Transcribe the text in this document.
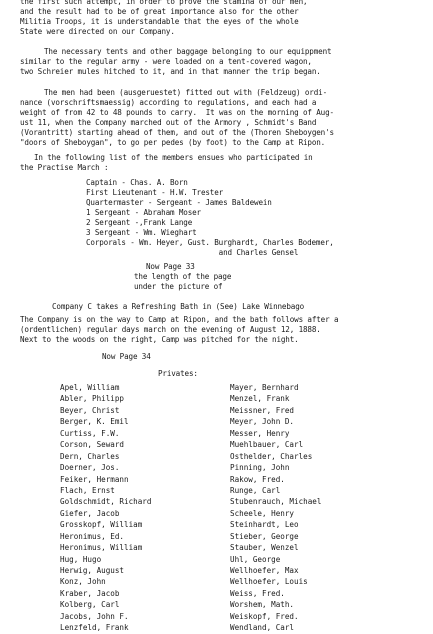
the first such attempt, in order to prove the stamina of our men,
and the result had to be of great importance also for the other
Militia Troops, it is understandable that the eyes of the whole
State were directed on our Company.
The necessary tents and other baggage belonging to our equippment
similar to the regular army - were loaded on a tent-covered wagon,
two Schreier mules hitched to it, and in that manner the trip began.
The men had been (ausgeruestet) fitted out with (Feldzeug) ordi-
nance (vorschriftsmaessig) according to regulations, and each had a
weight of from 42 to 48 pounds to carry.  It was on the morning of Aug-
ust 11, when the Company marched out of the Armory , Schmidt's Band
(Vorantritt) starting ahead of them, and out of the (Thoren Sheboygen's
"doors of Sheboygan", to go per pedes (by foot) to the Camp at Ripon.
In the following list of the members ensues who participated in
the Practise March :
Captain - Chas. A. Born
First Lieutenant - H.W. Trester
Quartermaster - Sergeant - James Baldewein
1 Sergeant - Abraham Moser
2 Sergeant -,Frank Lange
3 Sergeant - Wm. Wieghart
Corporals - Wm. Heyer, Gust. Burghardt, Charles Bodemer,
and Charles Gensel
Now Page 33
the length of the page
under the picture of
Company C takes a Refreshing Bath in (See) Lake Winnebago
The Company is on the way to Camp at Ripon, and the bath follows after a
(ordentlichen) regular days march on the evening of August 12, 1888.
Next to the woods on the right, Camp was pitched for the night.
Now Page 34
Privates:
Apel, William
Abler, Philipp
Beyer, Christ
Berger, K. Emil
Curtiss, F.W.
Corson, Seward
Dern, Charles
Doerner, Jos.
Feiker, Hermann
Flach, Ernst
Goldschmidt, Richard
Giefer, Jacob
Grosskopf, William
Heronimus, Ed.
Heronimus, William
Hug, Hugo
Herwig, August
Konz, John
Kraber, Jacob
Kolberg, Carl
Jacobs, John F.
Lenzfeld, Frank
Mayer, Bernhard
Menzel, Frank
Meissner, Fred
Meyer, John D.
Messer, Henry
Muehlbauer, Carl
Osthelder, Charles
Pinning, John
Rakow, Fred.
Runge, Carl
Stubenrauch, Michael
Scheele, Henry
Steinhardt, Leo
Stieber, George
Stauber, Wenzel
Uhl, George
Wellhoefer, Max
Wellhoefer, Louis
Weiss, Fred.
Worshem, Math.
Weiskopf, Fred.
Wendland, Carl
